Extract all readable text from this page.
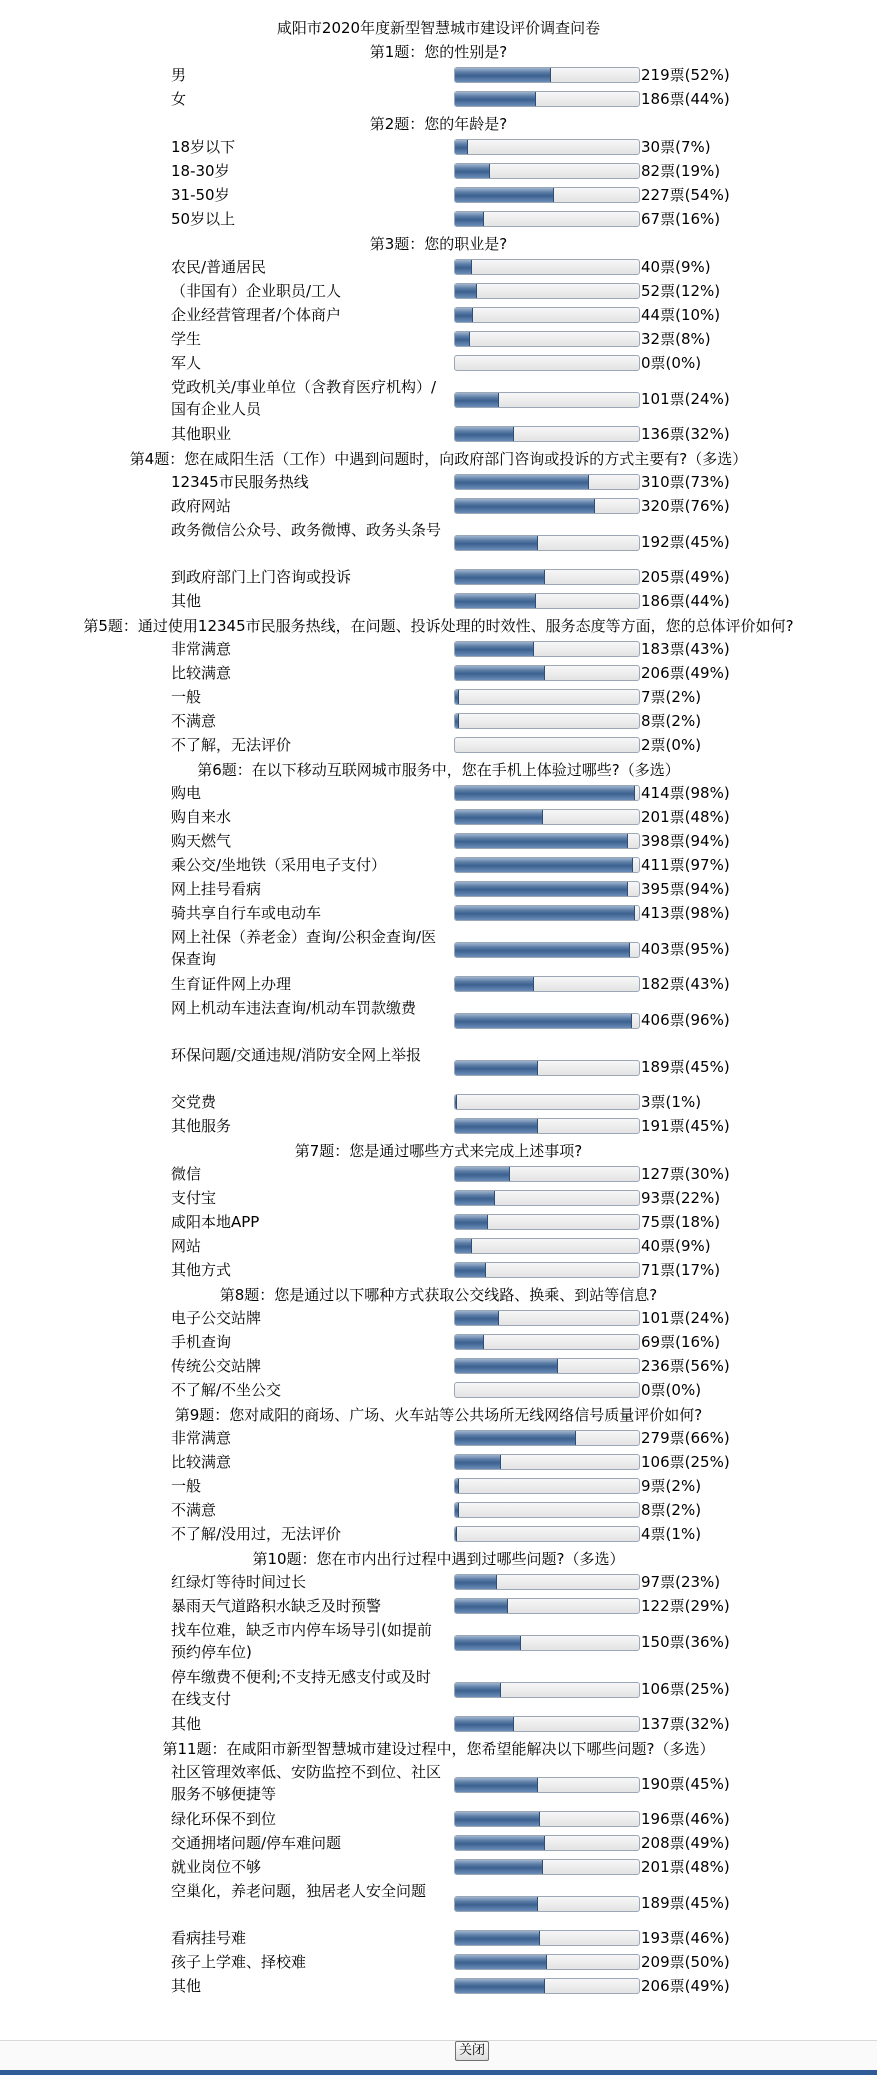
咸阳市2020年度新型智慧城市建设评价调查问卷
第1题：您的性别是?
男	219票(52%)
女	186票(44%)
第2题：您的年龄是?
18岁以下	30票(7%)
18-30岁	82票(19%)
31-50岁	227票(54%)
50岁以上	67票(16%)
第3题：您的职业是?
农民/普通居民	40票(9%)
（非国有）企业职员/工人	52票(12%)
企业经营管理者/个体商户	44票(10%)
学生	32票(8%)
军人	0票(0%)
党政机关/事业单位（含教育医疗机构）/国有企业人员
101票(24%)
其他职业	136票(32%)
第4题：您在咸阳生活（工作）中遇到问题时，向政府部门咨询或投诉的方式主要有?（多选）
12345市民服务热线	310票(73%)
政府网站	320票(76%)
政务微信公众号、政务微博、政务头条号
192票(45%)
到政府部门上门咨询或投诉	205票(49%)
其他	186票(44%)
第5题：通过使用12345市民服务热线，在问题、投诉处理的时效性、服务态度等方面，您的总体评价如何?
非常满意	183票(43%)
比较满意	206票(49%)
一般	7票(2%)
不满意	8票(2%)
不了解，无法评价	2票(0%)
第6题：在以下移动互联网城市服务中，您在手机上体验过哪些?（多选）
购电	414票(98%)
购自来水	201票(48%)
购天燃气	398票(94%)
乘公交/坐地铁（采用电子支付）	411票(97%)
网上挂号看病	395票(94%)
骑共享自行车或电动车	413票(98%)
网上社保（养老金）查询/公积金查询/医保查询
403票(95%)
生育证件网上办理	182票(43%)
网上机动车违法查询/机动车罚款缴费
406票(96%)
环保问题/交通违规/消防安全网上举报
189票(45%)
交党费	3票(1%)
其他服务	191票(45%)
第7题：您是通过哪些方式来完成上述事项?
微信	127票(30%)
支付宝	93票(22%)
咸阳本地APP	75票(18%)
网站	40票(9%)
其他方式	71票(17%)
第8题：您是通过以下哪种方式获取公交线路、换乘、到站等信息?
电子公交站牌	101票(24%)
手机查询	69票(16%)
传统公交站牌	236票(56%)
不了解/不坐公交	0票(0%)
第9题：您对咸阳的商场、广场、火车站等公共场所无线网络信号质量评价如何?
非常满意	279票(66%)
比较满意	106票(25%)
一般	9票(2%)
不满意	8票(2%)
不了解/没用过，无法评价	4票(1%)
第10题：您在市内出行过程中遇到过哪些问题?（多选）
红绿灯等待时间过长	97票(23%)
暴雨天气道路积水缺乏及时预警	122票(29%)
找车位难，缺乏市内停车场导引(如提前预约停车位)
150票(36%)
停车缴费不便利;不支持无感支付或及时在线支付
106票(25%)
其他	137票(32%)
第11题：在咸阳市新型智慧城市建设过程中，您希望能解决以下哪些问题?（多选）
社区管理效率低、安防监控不到位、社区服务不够便捷等
190票(45%)
绿化环保不到位	196票(46%)
交通拥堵问题/停车难问题	208票(49%)
就业岗位不够	201票(48%)
空巢化，养老问题，独居老人安全问题
189票(45%)
看病挂号难	193票(46%)
孩子上学难、择校难	209票(50%)
其他	206票(49%)
关闭
